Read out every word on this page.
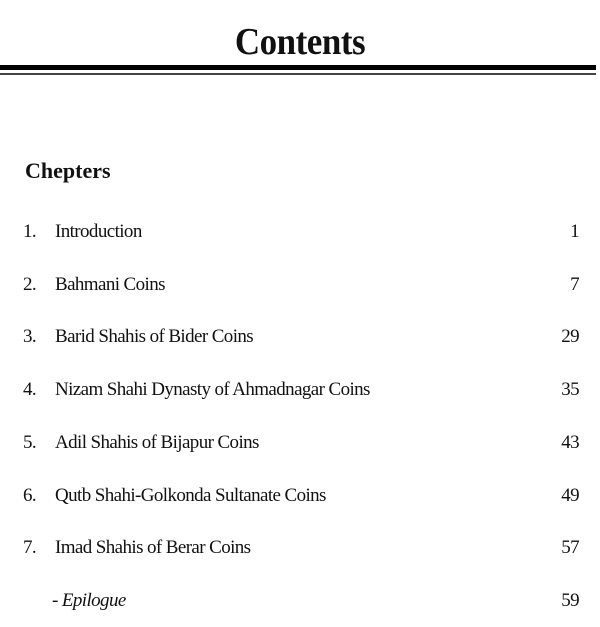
Contents
Chepters
1. Introduction	1
2. Bahmani Coins	7
3. Barid Shahis of Bider Coins	29
4. Nizam Shahi Dynasty of Ahmadnagar Coins	35
5. Adil Shahis of Bijapur Coins	43
6. Qutb Shahi-Golkonda Sultanate Coins	49
7. Imad Shahis of Berar Coins	57
- Epilogue	59
